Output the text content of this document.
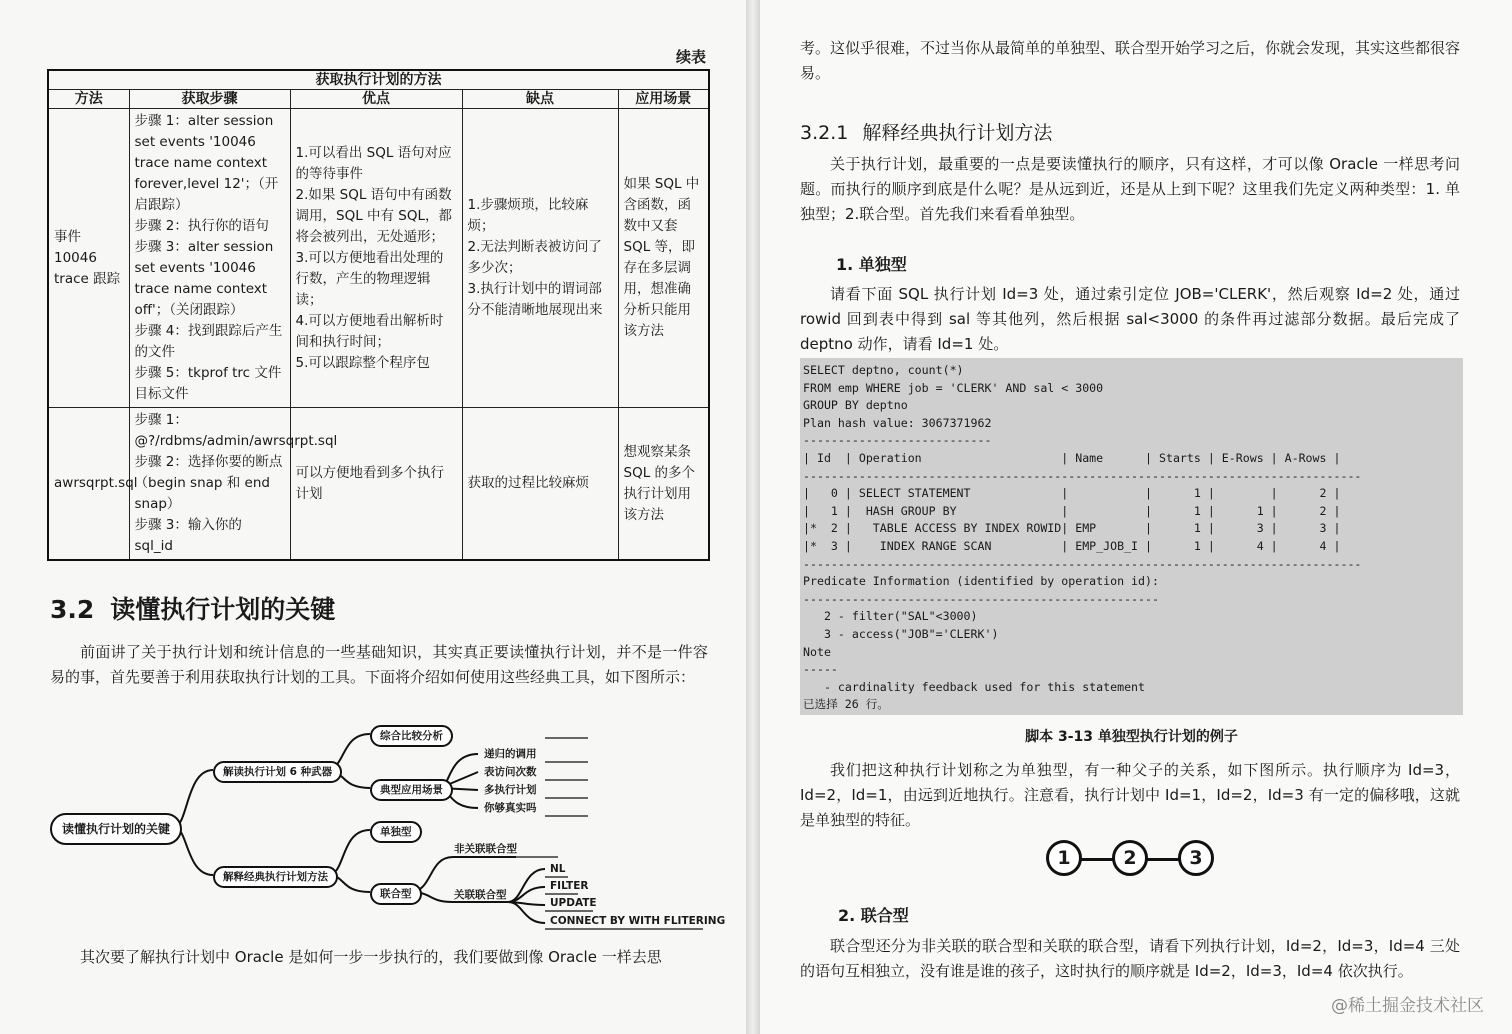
续表
获取执行计划的方法				
方法	获取步骤	优点	缺点	应用场景
事件 10046 trace 跟踪	步骤 1：alter session set events '10046 trace name context forever,level 12'；（开启跟踪）
步骤 2：执行你的语句
步骤 3：alter session set events '10046 trace name context off'；（关闭跟踪）
步骤 4：找到跟踪后产生的文件
步骤 5：tkprof trc 文件目标文件	1.可以看出 SQL 语句对应的等待事件
2.如果 SQL 语句中有函数调用，SQL 中有 SQL，都将会被列出，无处遁形；
3.可以方便地看出处理的行数，产生的物理逻辑读；
4.可以方便地看出解析时间和执行时间；
5.可以跟踪整个程序包	1.步骤烦琐，比较麻烦；
2.无法判断表被访问了多少次；
3.执行计划中的谓词部分不能清晰地展现出来	如果 SQL 中含函数，函数中又套SQL 等，即存在多层调用，想准确分析只能用该方法
awrsqrpt.sql	步骤 1：@?/rdbms/admin/awrsqrpt.sql
步骤 2：选择你要的断点（begin snap 和 end snap）
步骤 3：输入你的 sql_id	可以方便地看到多个执行计划	获取的过程比较麻烦	想观察某条SQL 的多个执行计划用该方法
3.2 读懂执行计划的关键
前面讲了关于执行计划和统计信息的一些基础知识，其实真正要读懂执行计划，并不是一件容易的事，首先要善于利用获取执行计划的工具。下面将介绍如何使用这些经典工具，如下图所示：
读懂执行计划的关键
解读执行计划 6 种武器
综合比较分析
典型应用场景
递归的调用
表访问次数
多执行计划
你够真实吗
解释经典执行计划方法
单独型
联合型
非关联联合型
关联联合型
NL
FILTER
UPDATE
CONNECT BY WITH FLITERING
其次要了解执行计划中 Oracle 是如何一步一步执行的，我们要做到像 Oracle 一样去思
考。这似乎很难，不过当你从最简单的单独型、联合型开始学习之后，你就会发现，其实这些都很容易。
3.2.1 解释经典执行计划方法
关于执行计划，最重要的一点是要读懂执行的顺序，只有这样，才可以像 Oracle 一样思考问题。而执行的顺序到底是什么呢？是从远到近，还是从上到下呢？这里我们先定义两种类型：1. 单独型；2.联合型。首先我们来看看单独型。
1. 单独型
请看下面 SQL 执行计划 Id=3 处，通过索引定位 JOB='CLERK'，然后观察 Id=2 处，通过 rowid 回到表中得到 sal 等其他列，然后根据 sal<3000 的条件再过滤部分数据。最后完成了 deptno 动作，请看 Id=1 处。
SELECT deptno, count(*)
FROM emp WHERE job = 'CLERK' AND sal < 3000
GROUP BY deptno
Plan hash value: 3067371962
---------------------------
| Id  | Operation                    | Name      | Starts | E-Rows | A-Rows |
--------------------------------------------------------------------------------
|   0 | SELECT STATEMENT             |           |      1 |        |      2 |
|   1 |  HASH GROUP BY               |           |      1 |      1 |      2 |
|*  2 |   TABLE ACCESS BY INDEX ROWID| EMP       |      1 |      3 |      3 |
|*  3 |    INDEX RANGE SCAN          | EMP_JOB_I |      1 |      4 |      4 |
--------------------------------------------------------------------------------
Predicate Information (identified by operation id):
---------------------------------------------------
2 - filter("SAL"<3000)
3 - access("JOB"='CLERK')
Note
-----
- cardinality feedback used for this statement
已选择 26 行。
脚本 3-13 单独型执行计划的例子
我们把这种执行计划称之为单独型，有一种父子的关系，如下图所示。执行顺序为 Id=3，Id=2，Id=1，由远到近地执行。注意看，执行计划中 Id=1，Id=2，Id=3 有一定的偏移哦，这就是单独型的特征。
1	2	3
2. 联合型
联合型还分为非关联的联合型和关联的联合型，请看下列执行计划，Id=2，Id=3，Id=4 三处的语句互相独立，没有谁是谁的孩子，这时执行的顺序就是 Id=2，Id=3，Id=4 依次执行。
@稀土掘金技术社区
